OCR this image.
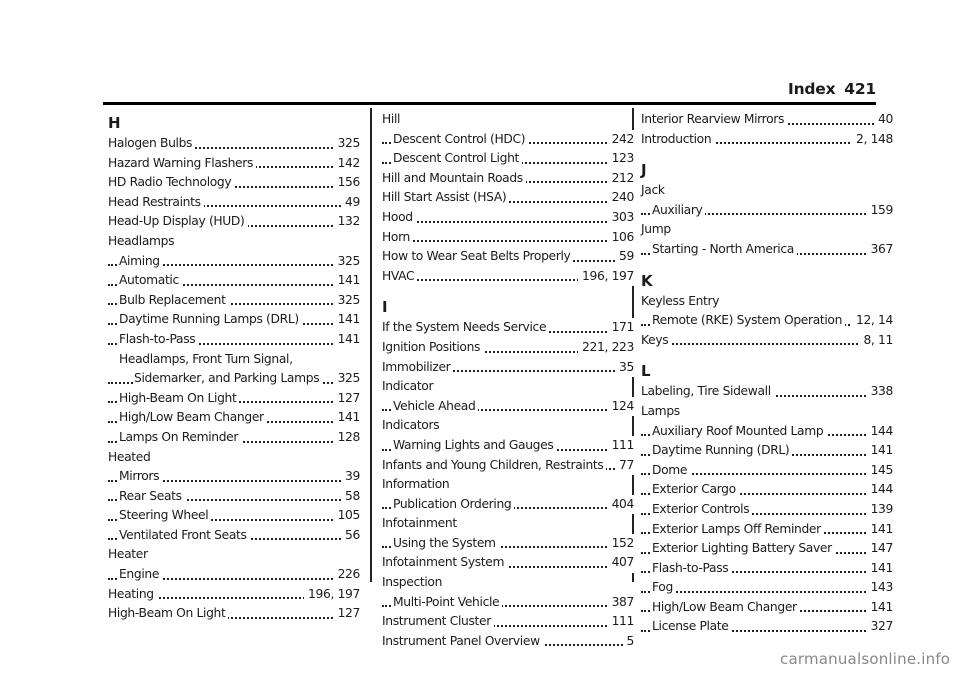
Index 421
H
Halogen Bulbs	325
Hazard Warning Flashers	142
HD Radio Technology	156
Head Restraints	49
Head-Up Display (HUD)	132
Headlamps
Aiming	325
Automatic	141
Bulb Replacement	325
Daytime Running Lamps (DRL)	141
Flash-to-Pass	141
Headlamps, Front Turn Signal,
Sidemarker, and Parking Lamps	325
High-Beam On Light	127
High/Low Beam Changer	141
Lamps On Reminder	128
Heated
Mirrors	39
Rear Seats	58
Steering Wheel	105
Ventilated Front Seats	56
Heater
Engine	226
Heating	196, 197
High-Beam On Light	127
Hill
Descent Control (HDC)	242
Descent Control Light	123
Hill and Mountain Roads	212
Hill Start Assist (HSA)	240
Hood	303
Horn	106
How to Wear Seat Belts Properly	59
HVAC	196, 197
I
If the System Needs Service	171
Ignition Positions	221, 223
Immobilizer	35
Indicator
Vehicle Ahead	124
Indicators
Warning Lights and Gauges	111
Infants and Young Children, Restraints	77
Information
Publication Ordering	404
Infotainment
Using the System	152
Infotainment System	407
Inspection
Multi-Point Vehicle	387
Instrument Cluster	111
Instrument Panel Overview	5
Interior Rearview Mirrors	40
Introduction	2, 148
J
Jack
Auxiliary	159
Jump
Starting - North America	367
K
Keyless Entry
Remote (RKE) System Operation	12, 14
Keys	8, 11
L
Labeling, Tire Sidewall	338
Lamps
Auxiliary Roof Mounted Lamp	144
Daytime Running (DRL)	141
Dome	145
Exterior Cargo	144
Exterior Controls	139
Exterior Lamps Off Reminder	141
Exterior Lighting Battery Saver	147
Flash-to-Pass	141
Fog	143
High/Low Beam Changer	141
License Plate	327
carmanualsonline.info
